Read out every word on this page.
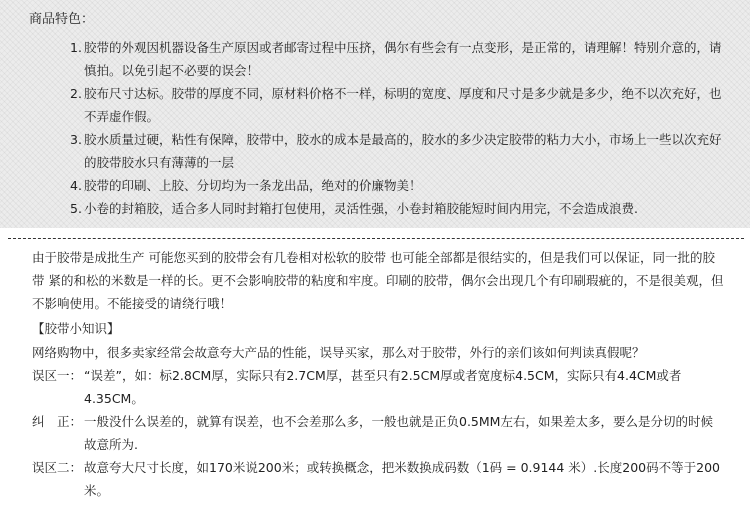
商品特色：
1. 胶带的外观因机器设备生产原因或者邮寄过程中压挤，偶尔有些会有一点变形，是正常的，请理解！特别介意的，请慎拍。以免引起不必要的误会！
2. 胶布尺寸达标。胶带的厚度不同，原材料价格不一样，标明的宽度、厚度和尺寸是多少就是多少，绝不以次充好，也不弄虚作假。
3. 胶水质量过硬，粘性有保障，胶带中，胶水的成本是最高的，胶水的多少决定胶带的粘力大小，市场上一些以次充好的胶带胶水只有薄薄的一层
4. 胶带的印刷、上胶、分切均为一条龙出品，绝对的价廉物美！
5. 小卷的封箱胶，适合多人同时封箱打包使用，灵活性强，小卷封箱胶能短时间内用完，不会造成浪费.

由于胶带是成批生产 可能您买到的胶带会有几卷相对松软的胶带 也可能全部都是很结实的，但是我们可以保证，同一批的胶带 紧的和松的米数是一样的长。更不会影响胶带的粘度和牢度。印刷的胶带，偶尔会出现几个有印刷瑕疵的，不是很美观，但不影响使用。不能接受的请绕行哦！

【胶带小知识】

网络购物中，很多卖家经常会故意夸大产品的性能，误导买家，那么对于胶带，外行的亲们该如何判读真假呢？

误区一： “误差”，如：标2.8CM厚，实际只有2.7CM厚，甚至只有2.5CM厚或者宽度标4.5CM，实际只有4.4CM或者4.35CM。
纠　正： 一般没什么误差的，就算有误差，也不会差那么多，一般也就是正负0.5MM左右，如果差太多，要么是分切的时候故意所为.
误区二： 故意夸大尺寸长度，如170米说200米；或转换概念，把米数换成码数（1码 = 0.9144 米）.长度200码不等于200米。
